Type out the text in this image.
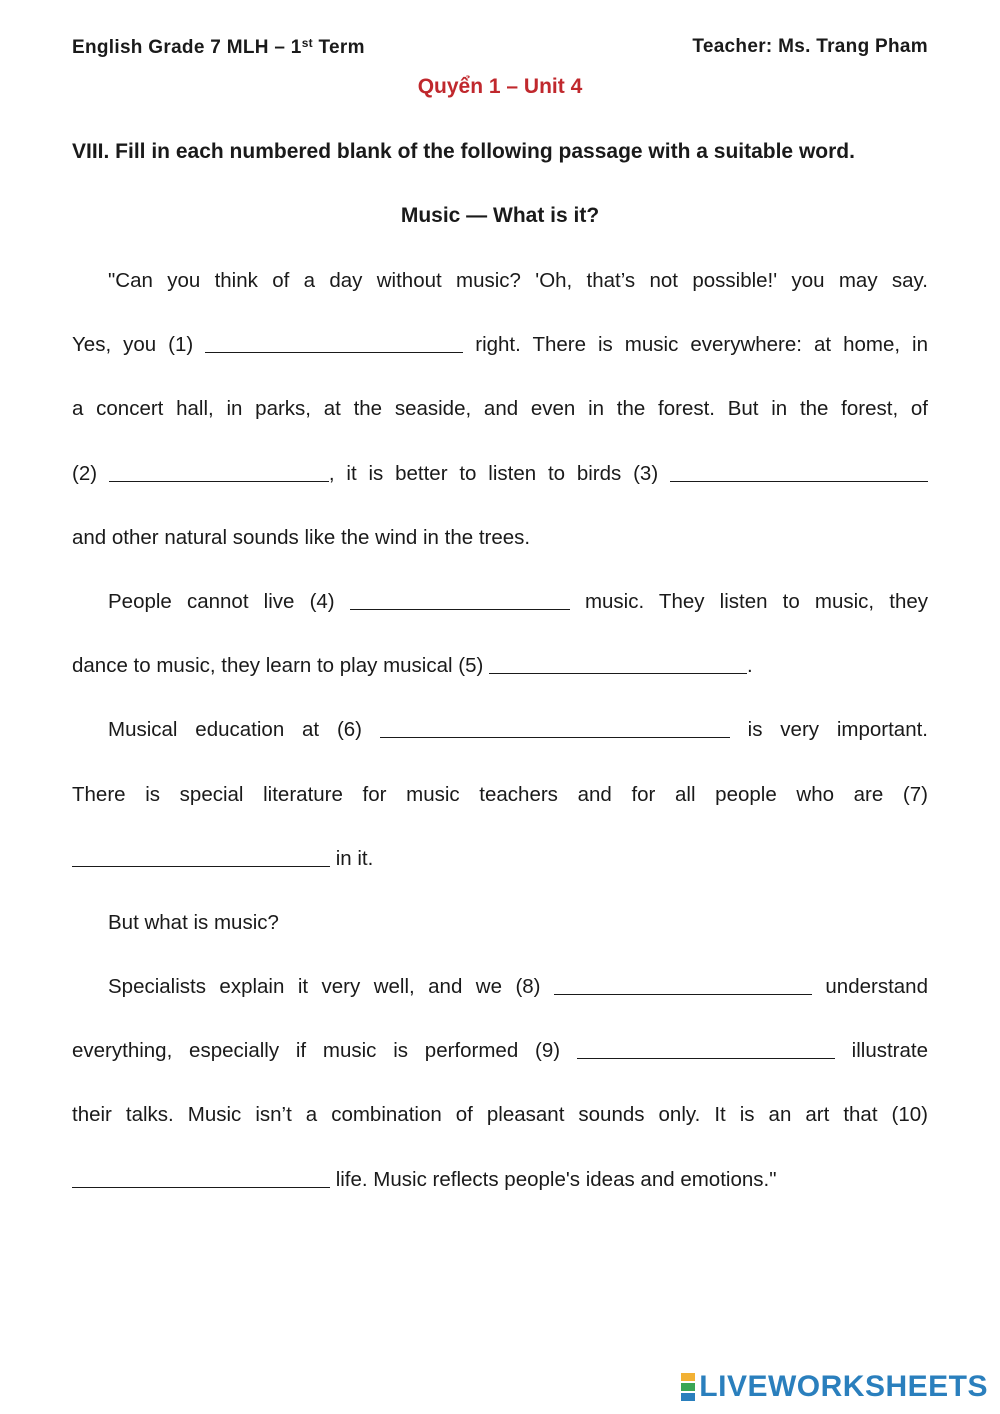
English Grade 7 MLH – 1st Term	Teacher: Ms. Trang Pham
Quyển 1 – Unit 4
VIII. Fill in each numbered blank of the following passage with a suitable word.
Music — What is it?
"Can you think of a day without music? 'Oh, that’s not possible!' you may say.
Yes, you (1)	right. There is music everywhere: at home, in
a concert hall, in parks, at the seaside, and even in the forest. But in the forest, of
(2)	, it is better to listen to birds (3)
and other natural sounds like the wind in the trees.
People cannot live (4)	music. They listen to music, they
dance to music, they learn to play musical (5)	.
Musical education at (6)	is very important.
There is special literature for music teachers and for all people who are (7)
in it.
But what is music?
Specialists explain it very well, and we (8)	understand
everything, especially if music is performed (9)	illustrate
their talks. Music isn’t a combination of pleasant sounds only. It is an art that (10)
life. Music reflects people's ideas and emotions."
LIVEWORKSHEETS
